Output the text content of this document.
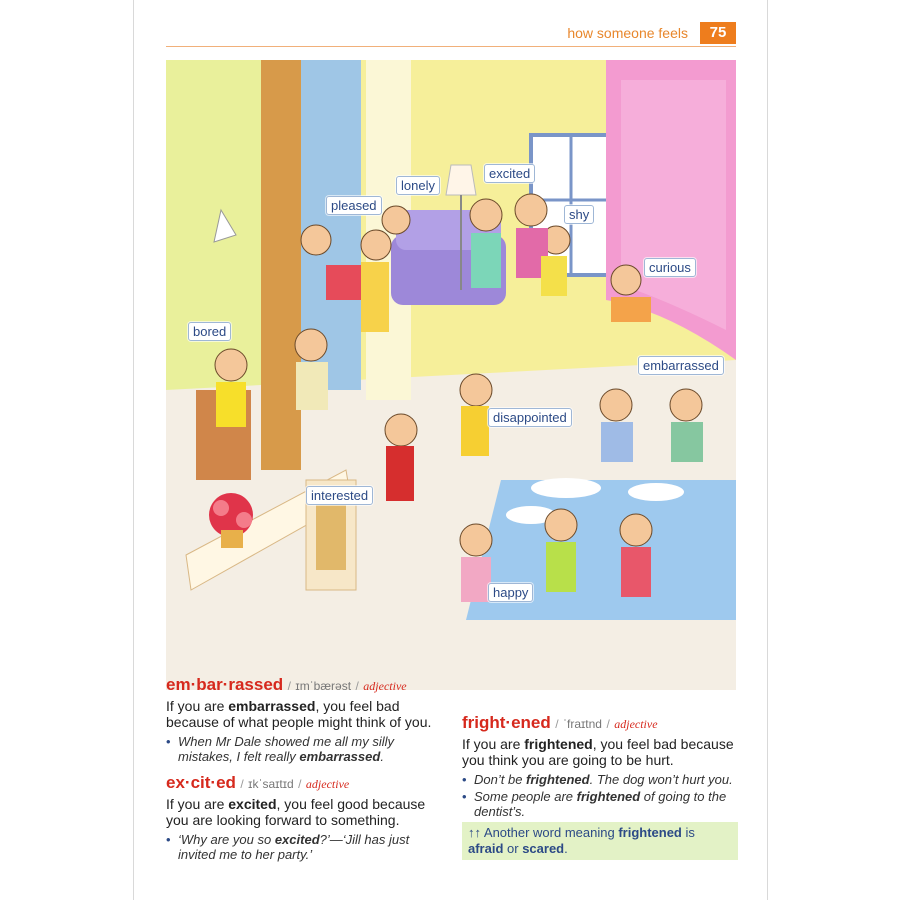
how someone feels	75
pleased
lonely
excited
shy
curious
bored
embarrassed
disappointed
interested
happy
em·bar·rassed / ɪmˈbærəst / adjective
If you are embarrassed, you feel bad because of what people might think of you.
• When Mr Dale showed me all my silly mistakes, I felt really embarrassed.
ex·cit·ed / ɪkˈsaɪtɪd / adjective
If you are excited, you feel good because you are looking forward to something.
• ‘Why are you so excited?’—‘Jill has just invited me to her party.’
fright·ened / ˈfraɪtnd / adjective
If you are frightened, you feel bad because you think you are going to be hurt.
• Don’t be frightened. The dog won’t hurt you.
• Some people are frightened of going to the dentist’s.
↑↑ Another word meaning frightened is afraid or scared.
